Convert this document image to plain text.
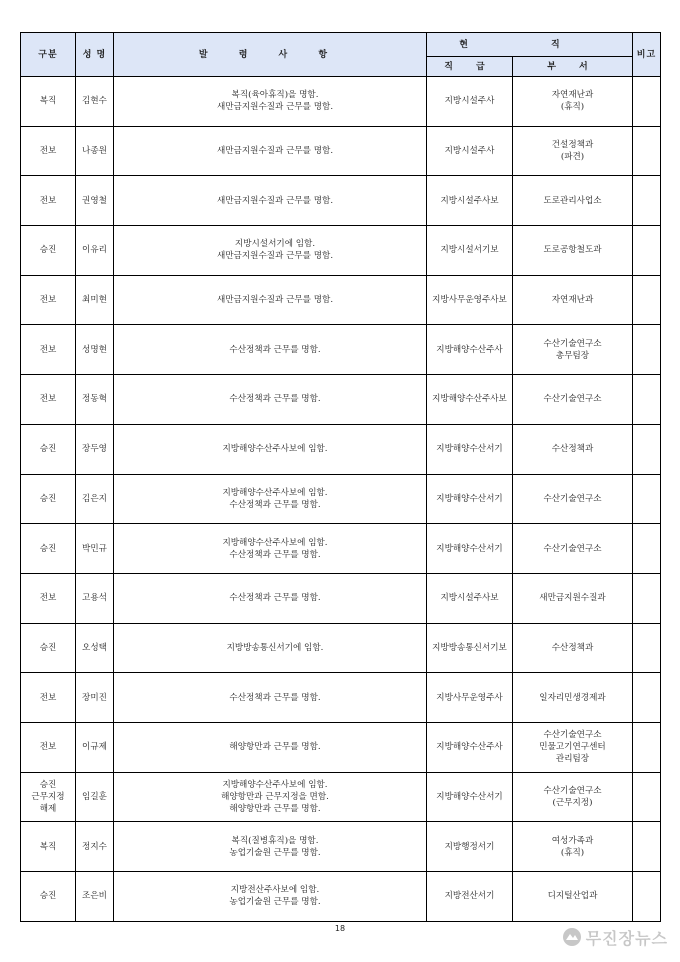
구분	성 명	발 령 사 항	현 직		비고
			직 급	부 서	

복직	김현수	복직(육아휴직)을 명함.
새만금지원수질과 근무를 명함.	지방시설주사	자연재난과
(휴직)	

전보	나종원	새만금지원수질과 근무를 명함.	지방시설주사	건설정책과
(파견)	

전보	권영철	새만금지원수질과 근무를 명함.	지방시설주사보	도로관리사업소	

승진	이유리	지방시설서기에 임함.
새만금지원수질과 근무를 명함.	지방시설서기보	도로공항철도과	

전보	최미현	새만금지원수질과 근무를 명함.	지방사무운영주사보	자연재난과	

전보	성명현	수산정책과 근무를 명함.	지방해양수산주사	수산기술연구소
총무팀장	

전보	정동혁	수산정책과 근무를 명함.	지방해양수산주사보	수산기술연구소	

승진	장두영	지방해양수산주사보에 임함.	지방해양수산서기	수산정책과	

승진	김은지	지방해양수산주사보에 임함.
수산정책과 근무를 명함.	지방해양수산서기	수산기술연구소	

승진	박민규	지방해양수산주사보에 임함.
수산정책과 근무를 명함.	지방해양수산서기	수산기술연구소	

전보	고용석	수산정책과 근무를 명함.	지방시설주사보	새만금지원수질과	

승진	오성택	지방방송통신서기에 임함.	지방방송통신서기보	수산정책과	

전보	장미진	수산정책과 근무를 명함.	지방사무운영주사	일자리민생경제과	

전보	이규제	해양항만과 근무를 명함.	지방해양수산주사	수산기술연구소
민물고기연구센터
관리팀장	

승진
근무지정
해제	임길훈	지방해양수산주사보에 임함.
해양항만과 근무지정을 면함.
해양항만과 근무를 명함.	지방해양수산서기	수산기술연구소
(근무지정)	

복직	정지수	복직(질병휴직)을 명함.
농업기술원 근무를 명함.	지방행정서기	여성가족과
(휴직)	

승진	조은비	지방전산주사보에 임함.
농업기술원 근무를 명함.	지방전산서기	디지털산업과	

18	무진장뉴스
